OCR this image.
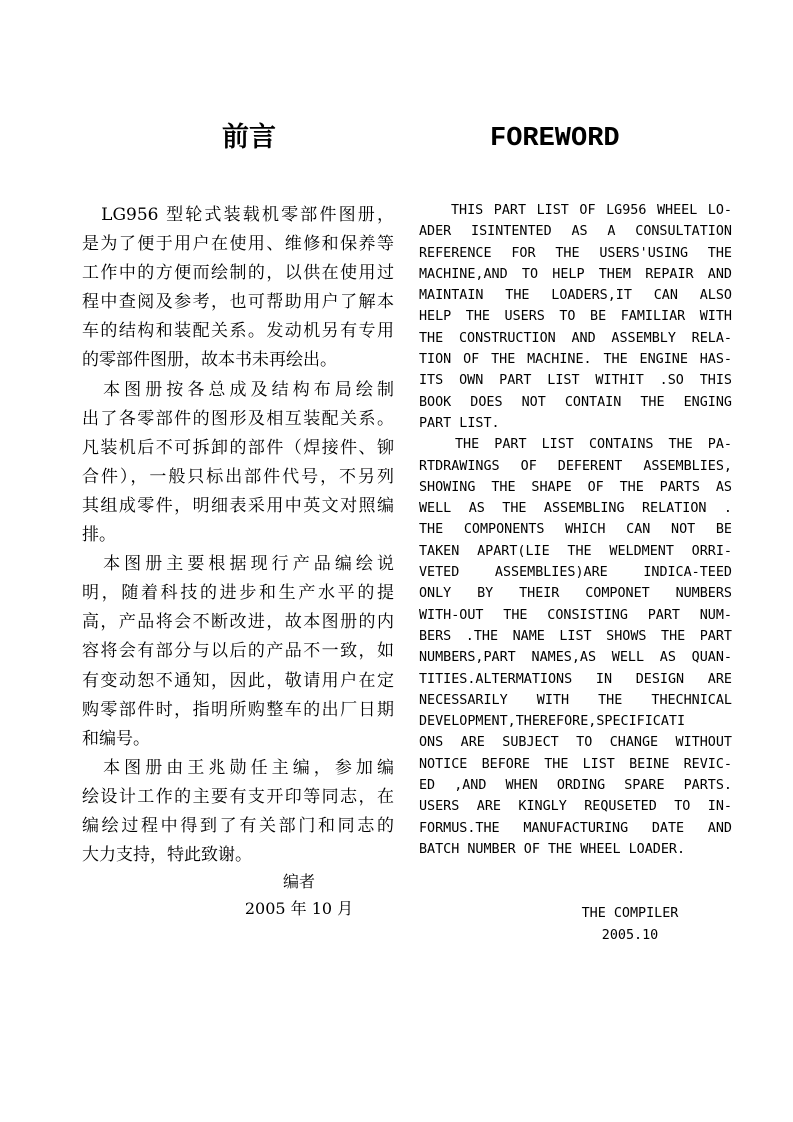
前言	FOREWORD
　LG956 型轮式装载机零部件图册，
是为了便于用户在使用、维修和保养等
工作中的方便而绘制的，以供在使用过
程中查阅及参考，也可帮助用户了解本
车的结构和装配关系。发动机另有专用
的零部件图册，故本书未再绘出。
　本图册按各总成及结构布局绘制
出了各零部件的图形及相互装配关系。
凡装机后不可拆卸的部件（焊接件、铆
合件），一般只标出部件代号，不另列
其组成零件，明细表采用中英文对照编
排。
　本图册主要根据现行产品编绘说
明，随着科技的进步和生产水平的提
高，产品将会不断改进，故本图册的内
容将会有部分与以后的产品不一致，如
有变动恕不通知，因此，敬请用户在定
购零部件时，指明所购整车的出厂日期
和编号。
　本图册由王兆勋任主编，参加编
绘设计工作的主要有支开印等同志，在
编绘过程中得到了有关部门和同志的
大力支持，特此致谢。
THIS PART LIST OF LG956 WHEEL LO-
ADER ISINTENTED AS A CONSULTATION
REFERENCE FOR THE USERS'USING THE
MACHINE,AND TO HELP THEM REPAIR AND
MAINTAIN THE LOADERS,IT CAN ALSO
HELP THE USERS TO BE FAMILIAR WITH
THE CONSTRUCTION AND ASSEMBLY RELA-
TION OF THE MACHINE. THE ENGINE HAS-
ITS OWN PART LIST WITHIT .SO THIS
BOOK DOES NOT CONTAIN THE ENGING
PART LIST.
THE PART LIST CONTAINS THE PA-
RTDRAWINGS OF DEFERENT ASSEMBLIES,
SHOWING THE SHAPE OF THE PARTS AS
WELL AS THE ASSEMBLING RELATION .
THE COMPONENTS WHICH CAN NOT BE
TAKEN APART(LIE THE WELDMENT ORRI-
VETED ASSEMBLIES)ARE INDICA-TEED
ONLY BY THEIR COMPONET NUMBERS
WITH-OUT THE CONSISTING PART NUM-
BERS .THE NAME LIST SHOWS THE PART
NUMBERS,PART NAMES,AS WELL AS QUAN-
TITIES.ALTERMATIONS IN DESIGN ARE
NECESSARILY WITH THE THECHNICAL
DEVELOPMENT,THEREFORE,SPECIFICATI
ONS ARE SUBJECT TO CHANGE WITHOUT
NOTICE BEFORE THE LIST BEINE REVIC-
ED ,AND WHEN ORDING SPARE PARTS.
USERS ARE KINGLY REQUSETED TO IN-
FORMUS.THE MANUFACTURING DATE AND
BATCH NUMBER OF THE WHEEL LOADER.
编者
2005 年 10 月	THE COMPILER
2005.10
